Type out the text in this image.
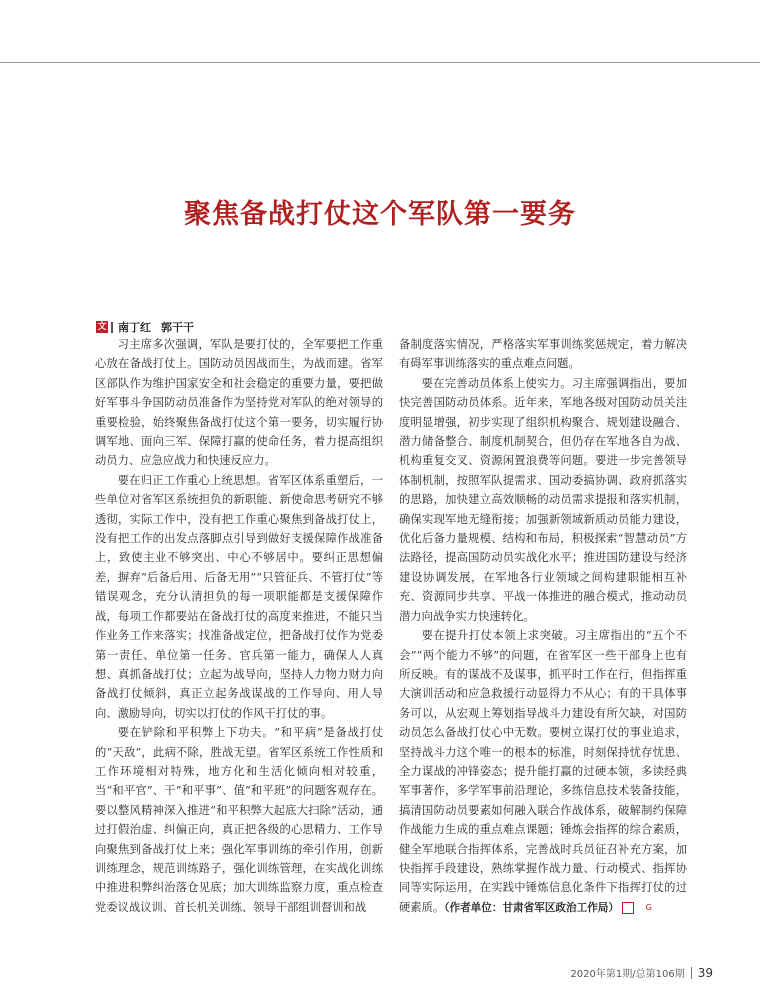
聚焦备战打仗这个军队第一要务
文 南丁红 郭干干

习主席多次强调，军队是要打仗的，全军要把工作重心放在备战打仗上。国防动员因战而生，为战而建。省军区部队作为维护国家安全和社会稳定的重要力量，要把做好军事斗争国防动员准备作为坚持党对军队的绝对领导的重要检验，始终聚焦备战打仗这个第一要务，切实履行协调军地、面向三军、保障打赢的使命任务，着力提高组织动员力、应急应战力和快速反应力。

要在归正工作重心上统思想。省军区体系重塑后，一些单位对省军区系统担负的新职能、新使命思考研究不够透彻，实际工作中，没有把工作重心聚焦到备战打仗上，没有把工作的出发点落脚点引导到做好支援保障作战准备上，致使主业不够突出、中心不够居中。要纠正思想偏差，摒弃“后备后用、后备无用”“只管征兵、不管打仗”等错误观念，充分认清担负的每一项职能都是支援保障作战，每项工作都要站在备战打仗的高度来推进，不能只当作业务工作来落实；找准备战定位，把备战打仗作为党委第一责任、单位第一任务、官兵第一能力，确保人人真想、真抓备战打仗；立起为战导向，坚持人力物力财力向备战打仗倾斜，真正立起务战谋战的工作导向、用人导向、激励导向，切实以打仗的作风干打仗的事。

要在铲除和平积弊上下功夫。“和平病”是备战打仗的“天敌”，此病不除，胜战无望。省军区系统工作性质和工作环境相对特殊，地方化和生活化倾向相对较重，当“和平官”、干“和平事”、值“和平班”的问题客观存在。要以整风精神深入推进“和平积弊大起底大扫除”活动，通过打假治虚、纠偏正向，真正把各级的心思精力、工作导向聚焦到备战打仗上来；强化军事训练的牵引作用，创新训练理念，规范训练路子，强化训练管理，在实战化训练中推进积弊纠治落仓见底；加大训练监察力度，重点检查党委议战议训、首长机关训练、领导干部组训督训和战

备制度落实情况，严格落实军事训练奖惩规定，着力解决有碍军事训练落实的重点难点问题。

要在完善动员体系上使实力。习主席强调指出，要加快完善国防动员体系。近年来，军地各级对国防动员关注度明显增强，初步实现了组织机构聚合、规划建设融合、潜力储备整合、制度机制契合，但仍存在军地各自为战、机构重复交叉、资源闲置浪费等问题。要进一步完善领导体制机制，按照军队提需求、国动委搞协调、政府抓落实的思路，加快建立高效顺畅的动员需求提报和落实机制，确保实现军地无缝衔接；加强新领域新质动员能力建设，优化后备力量规模、结构和布局，积极探索“智慧动员”方法路径，提高国防动员实战化水平；推进国防建设与经济建设协调发展，在军地各行业领域之间构建职能相互补充、资源同步共享、平战一体推进的融合模式，推动动员潜力向战争实力快速转化。

要在提升打仗本领上求突破。习主席指出的“五个不会”“两个能力不够”的问题，在省军区一些干部身上也有所反映。有的谋战不及谋事，抓平时工作在行，但指挥重大演训活动和应急救援行动显得力不从心；有的干具体事务可以，从宏观上筹划指导战斗力建设有所欠缺，对国防动员怎么备战打仗心中无数。要树立谋打仗的事业追求，坚持战斗力这个唯一的根本的标准，时刻保持忧存忧患、全力谋战的冲锋姿态；提升能打赢的过硬本领，多读经典军事著作，多学军事前沿理论，多练信息技术装备技能，搞清国防动员要素如何融入联合作战体系，破解制约保障作战能力生成的重点难点课题；锤炼会指挥的综合素质，健全军地联合指挥体系，完善战时兵员征召补充方案，加快指挥手段建设，熟练掌握作战力量、行动模式、指挥协同等实际运用，在实践中锤炼信息化条件下指挥打仗的过硬素质。（作者单位：甘肃省军区政治工作局）	G

2020年第1期/总第106期 39
